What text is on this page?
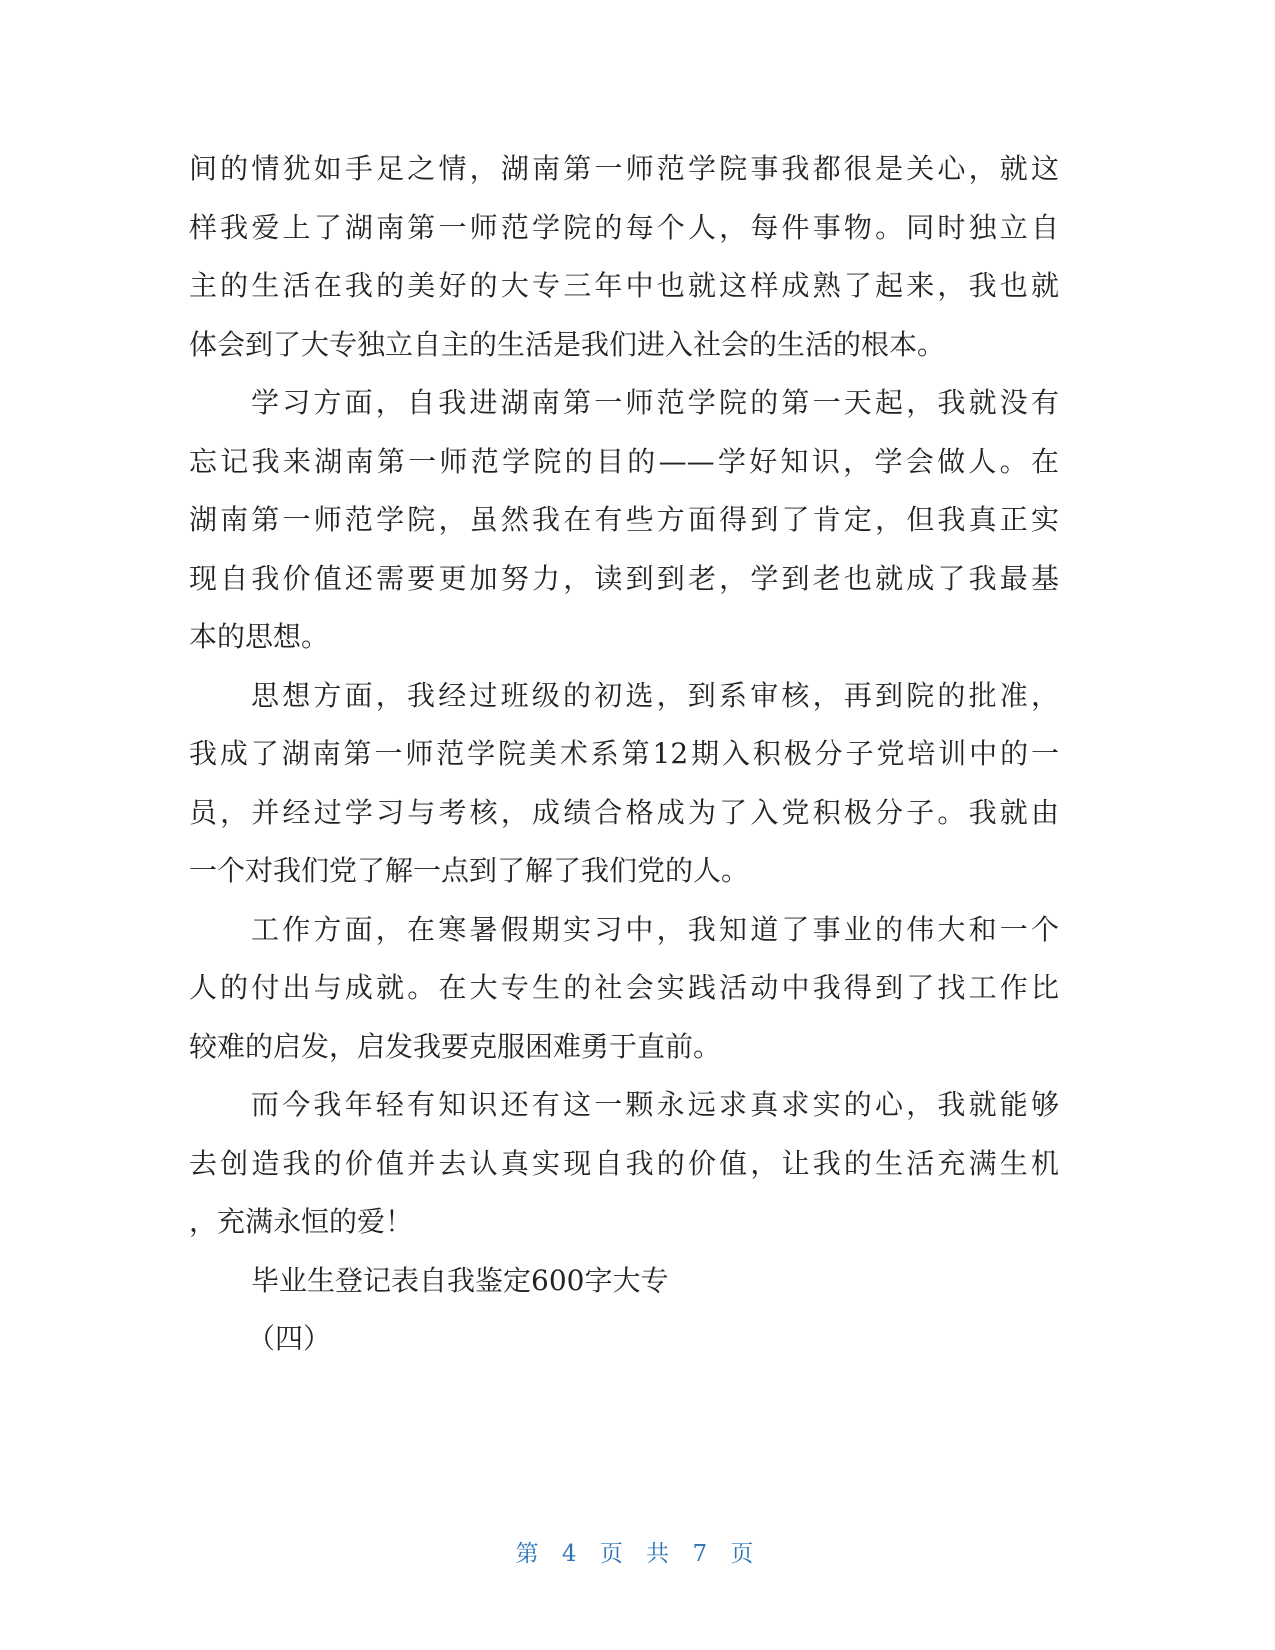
间的情犹如手足之情，湖南第一师范学院事我都很是关心，就这
样我爱上了湖南第一师范学院的每个人，每件事物。同时独立自
主的生活在我的美好的大专三年中也就这样成熟了起来，我也就
体会到了大专独立自主的生活是我们进入社会的生活的根本。
学习方面，自我进湖南第一师范学院的第一天起，我就没有
忘记我来湖南第一师范学院的目的——学好知识，学会做人。在
湖南第一师范学院，虽然我在有些方面得到了肯定，但我真正实
现自我价值还需要更加努力，读到到老，学到老也就成了我最基
本的思想。
思想方面，我经过班级的初选，到系审核，再到院的批准，
我成了湖南第一师范学院美术系第12期入积极分子党培训中的一
员，并经过学习与考核，成绩合格成为了入党积极分子。我就由
一个对我们党了解一点到了解了我们党的人。
工作方面，在寒暑假期实习中，我知道了事业的伟大和一个
人的付出与成就。在大专生的社会实践活动中我得到了找工作比
较难的启发，启发我要克服困难勇于直前。
而今我年轻有知识还有这一颗永远求真求实的心，我就能够
去创造我的价值并去认真实现自我的价值，让我的生活充满生机
，充满永恒的爱！
毕业生登记表自我鉴定600字大专
（四）
第 4 页 共 7 页
